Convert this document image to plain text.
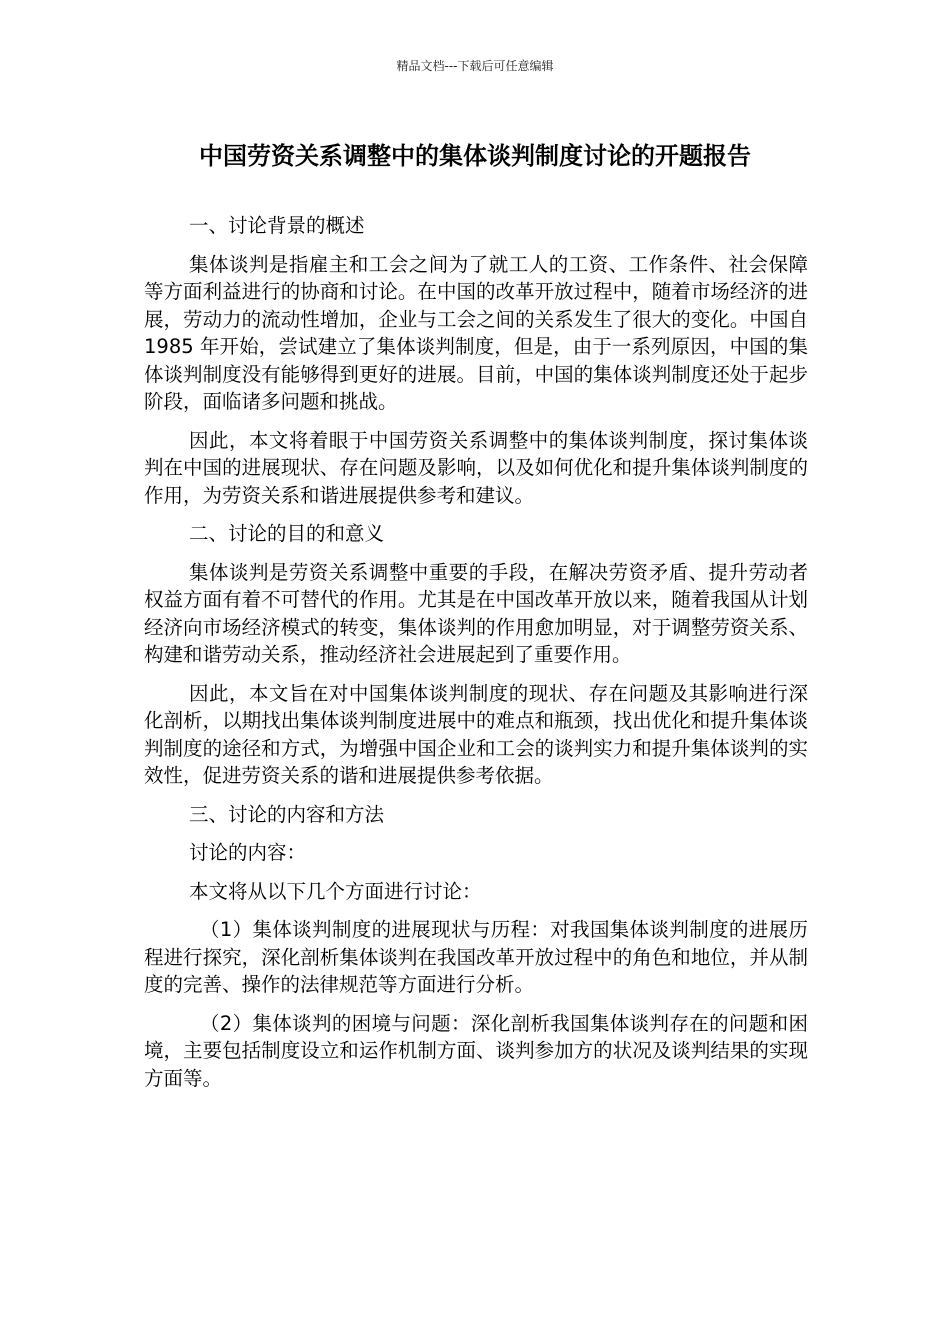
精品文档---下载后可任意编辑
中国劳资关系调整中的集体谈判制度讨论的开题报告

一、讨论背景的概述

集体谈判是指雇主和工会之间为了就工人的工资、工作条件、社会保障等方面利益进行的协商和讨论。在中国的改革开放过程中，随着市场经济的进展，劳动力的流动性增加，企业与工会之间的关系发生了很大的变化。中国自 1985 年开始，尝试建立了集体谈判制度，但是，由于一系列原因，中国的集体谈判制度没有能够得到更好的进展。目前，中国的集体谈判制度还处于起步阶段，面临诸多问题和挑战。

因此，本文将着眼于中国劳资关系调整中的集体谈判制度，探讨集体谈判在中国的进展现状、存在问题及影响，以及如何优化和提升集体谈判制度的作用，为劳资关系和谐进展提供参考和建议。

二、讨论的目的和意义

集体谈判是劳资关系调整中重要的手段，在解决劳资矛盾、提升劳动者权益方面有着不可替代的作用。尤其是在中国改革开放以来，随着我国从计划经济向市场经济模式的转变，集体谈判的作用愈加明显，对于调整劳资关系、构建和谐劳动关系，推动经济社会进展起到了重要作用。

因此，本文旨在对中国集体谈判制度的现状、存在问题及其影响进行深化剖析，以期找出集体谈判制度进展中的难点和瓶颈，找出优化和提升集体谈判制度的途径和方式，为增强中国企业和工会的谈判实力和提升集体谈判的实效性，促进劳资关系的谐和进展提供参考依据。

三、讨论的内容和方法

讨论的内容：

本文将从以下几个方面进行讨论：

（1）集体谈判制度的进展现状与历程：对我国集体谈判制度的进展历程进行探究，深化剖析集体谈判在我国改革开放过程中的角色和地位，并从制度的完善、操作的法律规范等方面进行分析。

（2）集体谈判的困境与问题：深化剖析我国集体谈判存在的问题和困境，主要包括制度设立和运作机制方面、谈判参加方的状况及谈判结果的实现方面等。
